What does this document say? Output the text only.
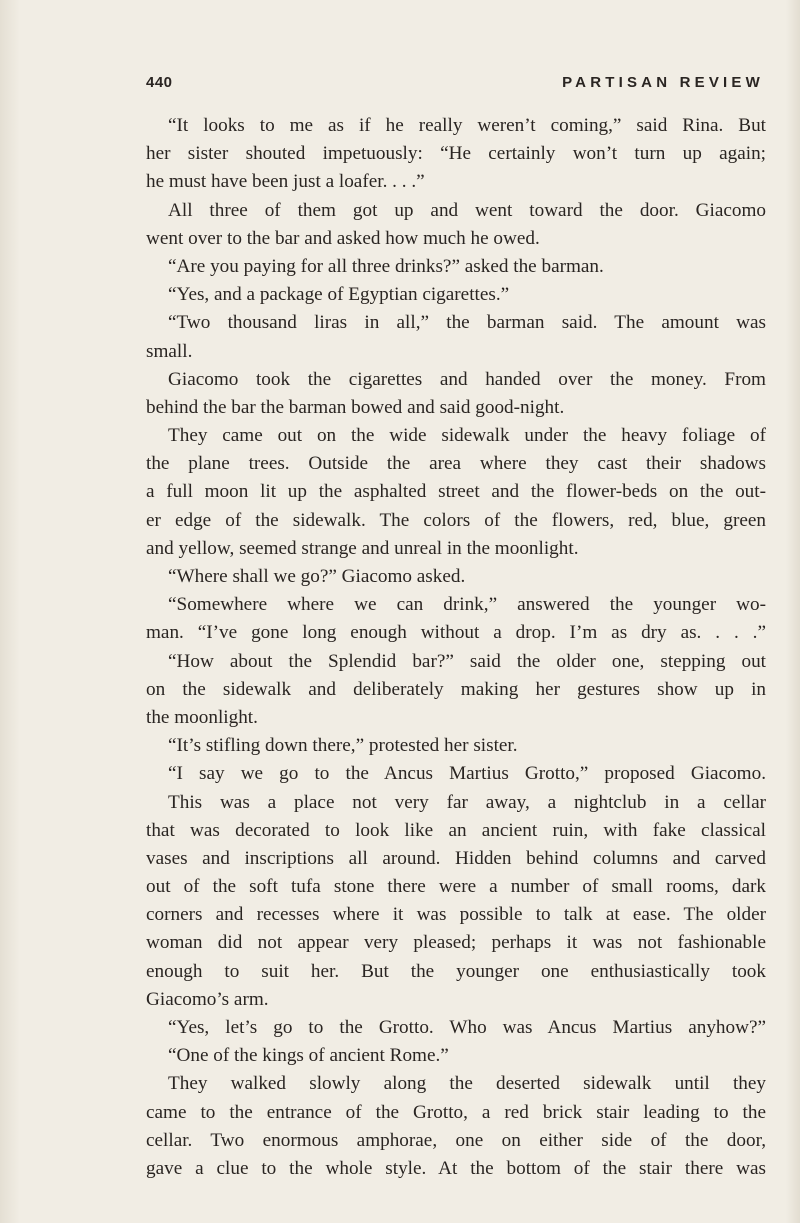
440	PARTISAN REVIEW
“It looks to me as if he really weren’t coming,” said Rina. But
her sister shouted impetuously: “He certainly won’t turn up again;
he must have been just a loafer. . . .”
All three of them got up and went toward the door. Giacomo
went over to the bar and asked how much he owed.
“Are you paying for all three drinks?” asked the barman.
“Yes, and a package of Egyptian cigarettes.”
“Two thousand liras in all,” the barman said. The amount was
small.
Giacomo took the cigarettes and handed over the money. From
behind the bar the barman bowed and said good-night.
They came out on the wide sidewalk under the heavy foliage of
the plane trees. Outside the area where they cast their shadows
a full moon lit up the asphalted street and the flower-beds on the out-
er edge of the sidewalk. The colors of the flowers, red, blue, green
and yellow, seemed strange and unreal in the moonlight.
“Where shall we go?” Giacomo asked.
“Somewhere where we can drink,” answered the younger wo-
man. “I’ve gone long enough without a drop. I’m as dry as. . . .”
“How about the Splendid bar?” said the older one, stepping out
on the sidewalk and deliberately making her gestures show up in
the moonlight.
“It’s stifling down there,” protested her sister.
“I say we go to the Ancus Martius Grotto,” proposed Giacomo.
This was a place not very far away, a nightclub in a cellar
that was decorated to look like an ancient ruin, with fake classical
vases and inscriptions all around. Hidden behind columns and carved
out of the soft tufa stone there were a number of small rooms, dark
corners and recesses where it was possible to talk at ease. The older
woman did not appear very pleased; perhaps it was not fashionable
enough to suit her. But the younger one enthusiastically took
Giacomo’s arm.
“Yes, let’s go to the Grotto. Who was Ancus Martius anyhow?”
“One of the kings of ancient Rome.”
They walked slowly along the deserted sidewalk until they
came to the entrance of the Grotto, a red brick stair leading to the
cellar. Two enormous amphorae, one on either side of the door,
gave a clue to the whole style. At the bottom of the stair there was
